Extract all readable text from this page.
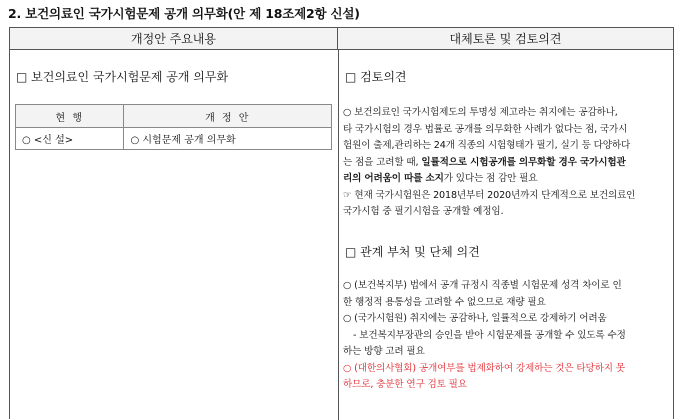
2. 보건의료인 국가시험문제 공개 의무화(안 제 18조제2항 신설)
개정안 주요내용	대체토론 및 검토의견
□ 보건의료인 국가시험문제 공개 의무화
현 행	개 정 안
○ <신 설>	○ 시험문제 공개 의무화
□ 검토의견
○ 보건의료인 국가시험제도의 투명성 제고라는 취지에는 공감하나,
타 국가시험의 경우 법률로 공개를 의무화한 사례가 없다는 점, 국가시
험원이 출제,관리하는 24개 직종의 시험형태가 필기, 실기 등 다양하다
는 점을 고려할 때, 일률적으로 시험공개를 의무화할 경우 국가시험관
리의 어려움이 따를 소지가 있다는 점 감안 필요
☞ 현재 국가시험원은 2018년부터 2020년까지 단계적으로 보건의료인
국가시험 중 필기시험을 공개할 예정임.
□ 관계 부처 및 단체 의견
○ (보건복지부) 법에서 공개 규정시 직종별 시험문제 성격 차이로 인
한 행정적 용통성을 고려할 수 없으므로 재량 필요
○ (국가시험원) 취지에는 공감하나, 일률적으로 강제하기 어려움
- 보건복지부장관의 승인을 받아 시험문제를 공개할 수 있도록 수정
하는 방향 고려 필요
○ (대한의사협회) 공개여부를 법제화하여 강제하는 것은 타당하지 못
하므로, 충분한 연구 검토 필요
